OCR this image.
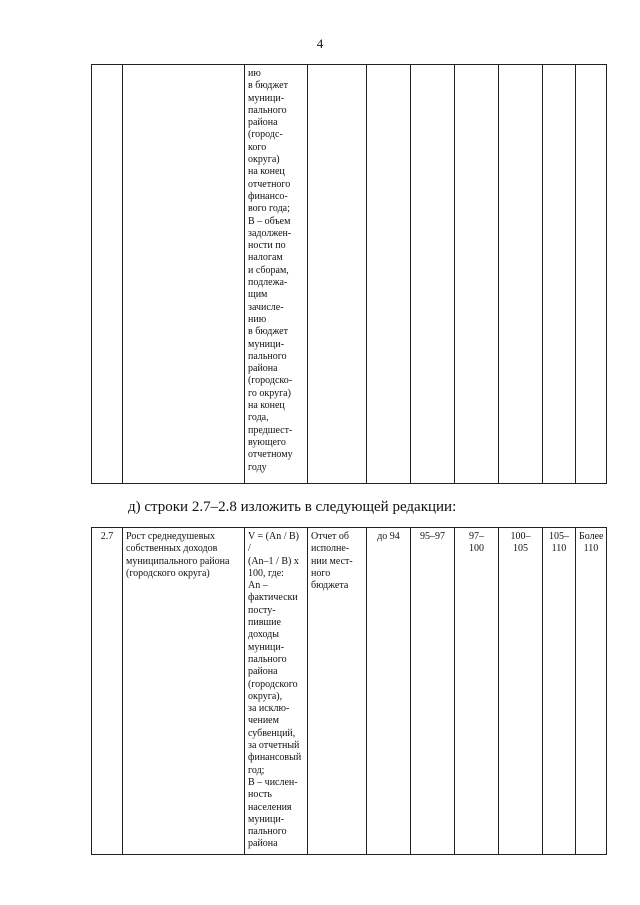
4
		ию
в бюджет
муници-
пального
района
(городс-
кого
округа)
на конец
отчетного
финансо-
вого года;
B – объем
задолжен-
ности по
налогам
и сборам,
подлежа-
щим
зачисле-
нию
в бюджет
муници-
пального
района
(городско-
го округа)
на конец
года,
предшест-
вующего
отчетному
году							
д) строки 2.7–2.8 изложить в следующей редакции:
2.7	Рост среднедушевых собственных доходов муниципального района (городского округа)	V = (An / B) /
(An–1 / B) x
100, где:
An –
фактически
посту-
пившие
доходы
муници-
пального
района
(городского
округа),
за исклю-
чением
субвенций,
за отчетный
финансовый
год;
B – числен-
ность
населения
муници-
пального
района	Отчет об
исполне-
нии мест-
ного
бюджета	до 94	95–97	97–
100	100–
105	105–
110	Более
110
